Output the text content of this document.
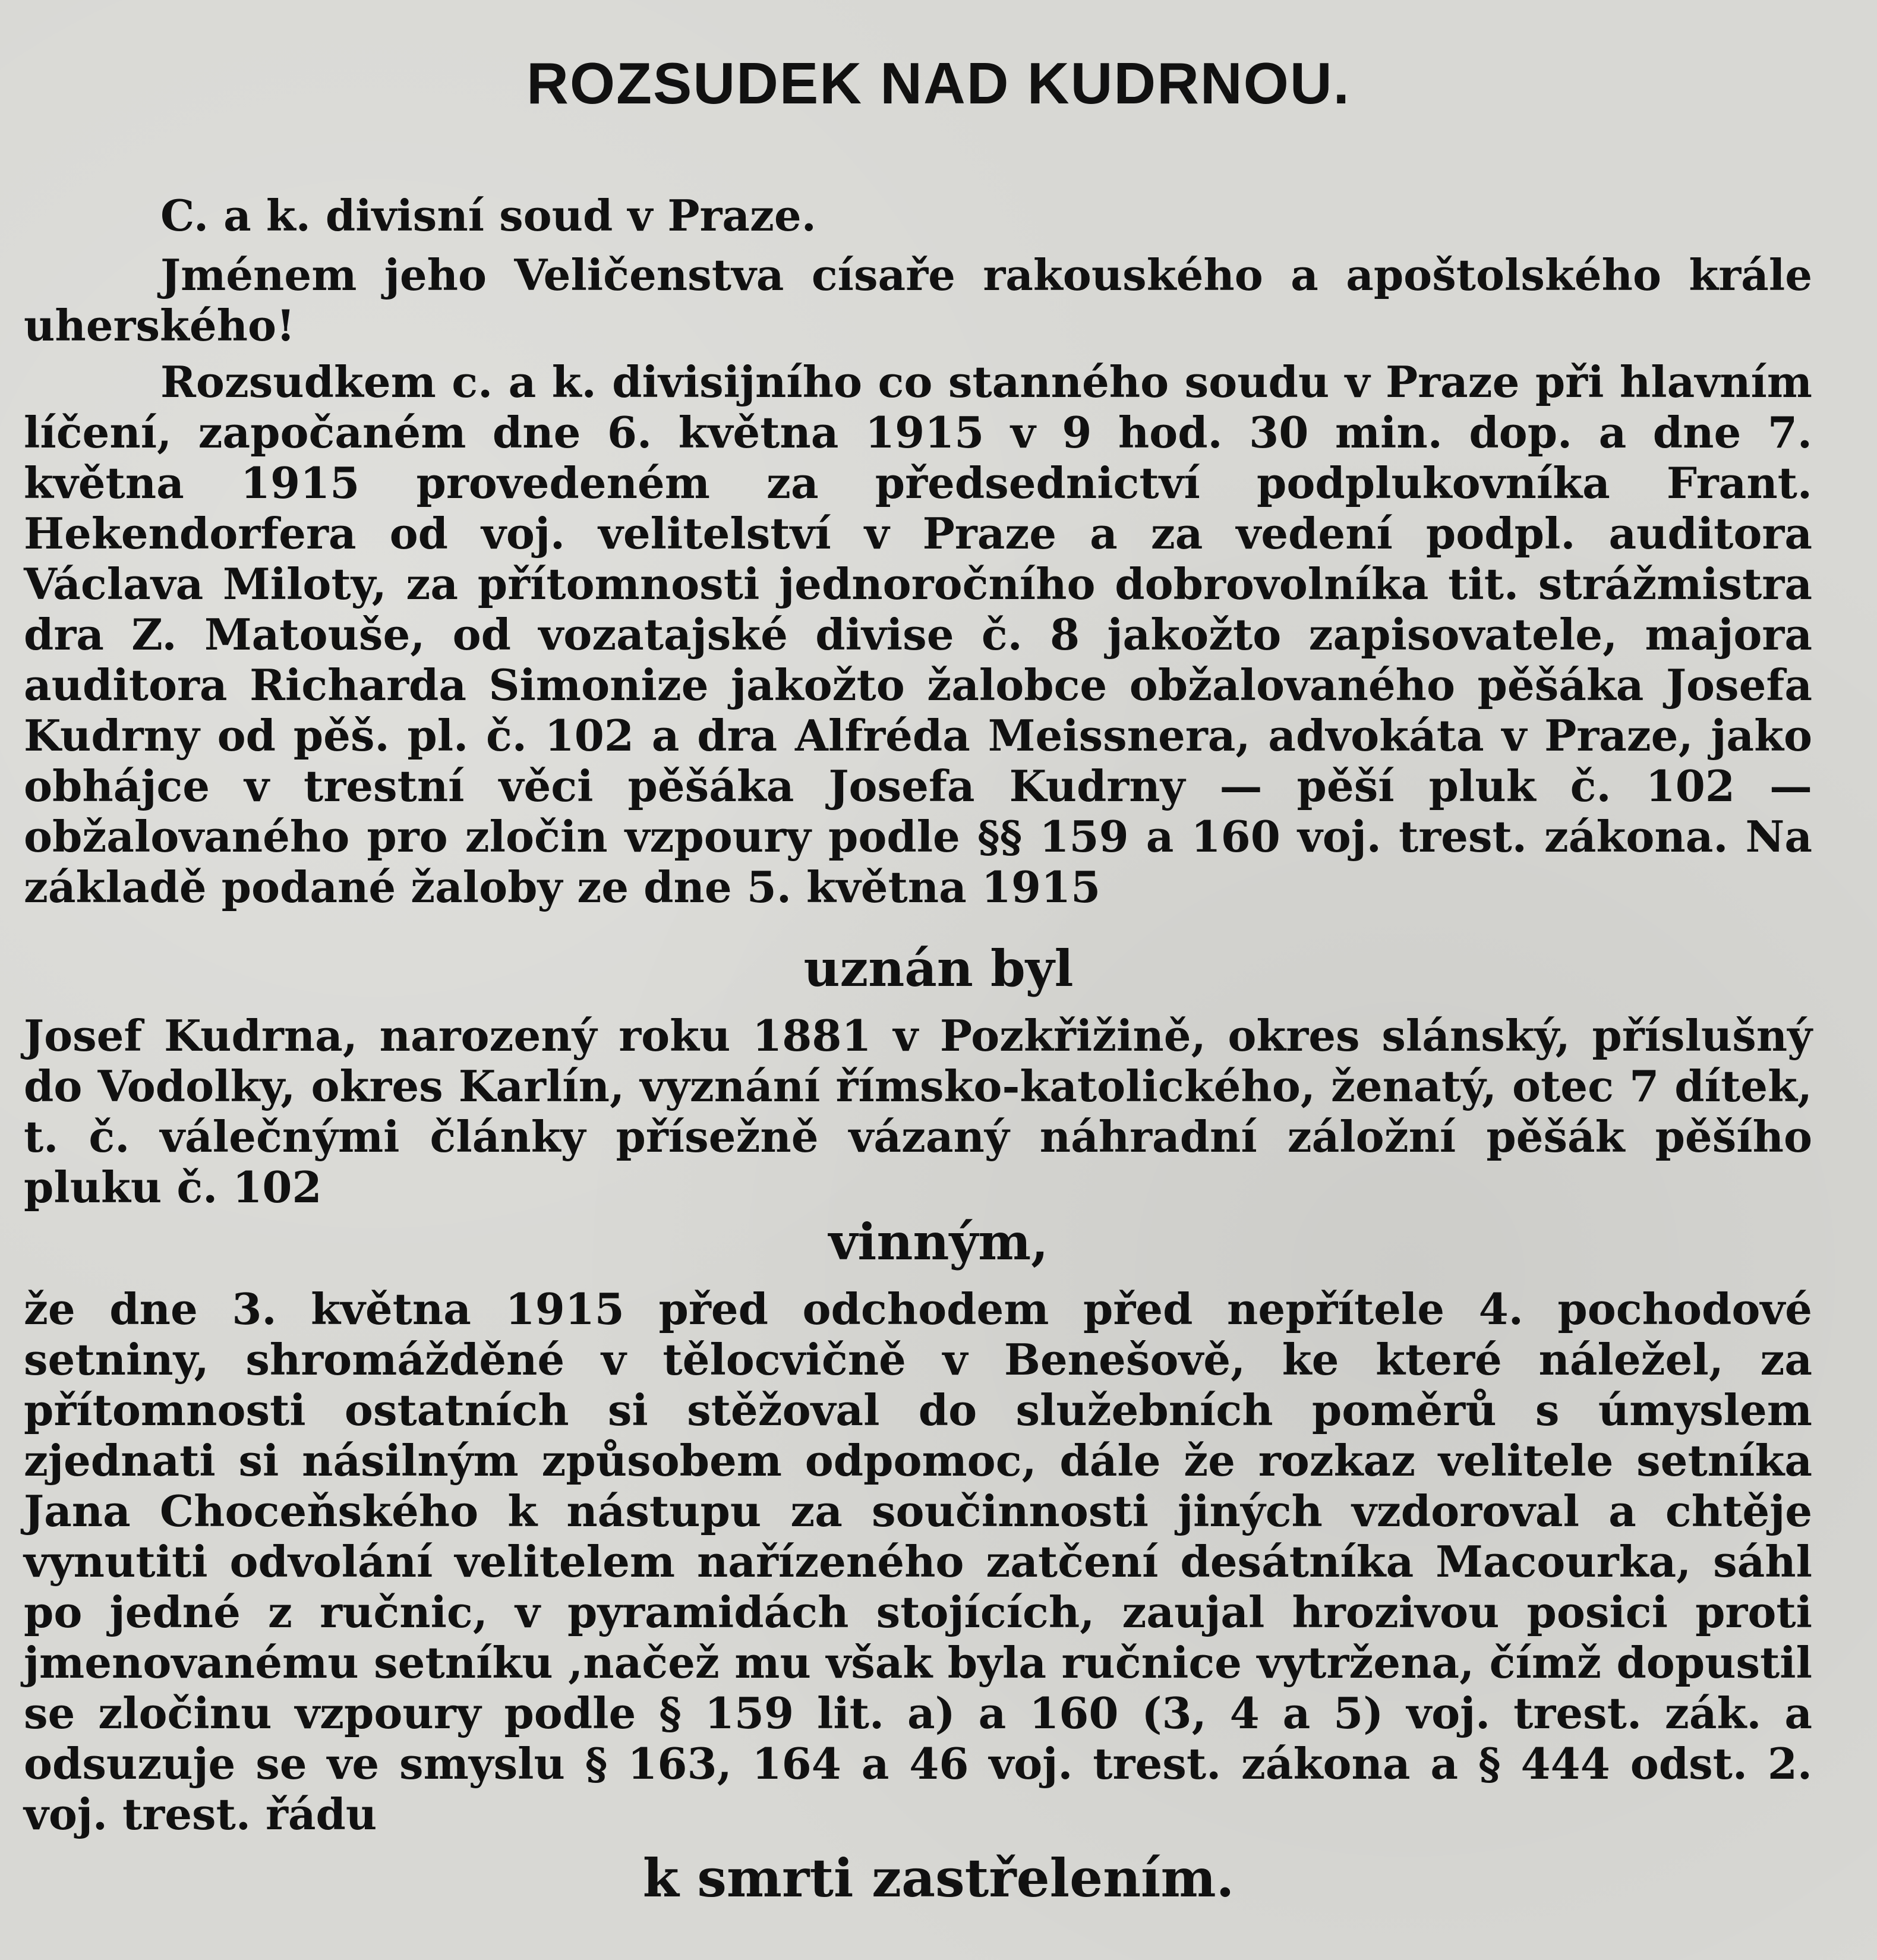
ROZSUDEK NAD KUDRNOU.

C. a k. divisní soud v Praze.

Jménem jeho Veličenstva císaře rakouského a apoštolského krále uherského!

Rozsudkem c. a k. divisijního co stanného soudu v Praze při hlavním líčení, započaném dne 6. května 1915 v 9 hod. 30 min. dop. a dne 7. května 1915 provedeném za předsednictví podplukovníka Frant. Hekendorfera od voj. velitelství v Praze a za vedení podpl. auditora Václava Miloty, za přítomnosti jednoročního dobrovolníka tit. strážmistra dra Z. Matouše, od vozatajské divise č. 8 jakožto zapisovatele, majora auditora Richarda Simonize jakožto žalobce obžalovaného pěšáka Josefa Kudrny od pěš. pl. č. 102 a dra Alfréda Meissnera, advokáta v Praze, jako obhájce v trestní věci pěšáka Josefa Kudrny — pěší pluk č. 102 — obžalovaného pro zločin vzpoury podle §§ 159 a 160 voj. trest. zákona. Na základě podané žaloby ze dne 5. května 1915

uznán byl

Josef Kudrna, narozený roku 1881 v Pozkřižině, okres slánský, příslušný do Vodolky, okres Karlín, vyznání římsko-katolického, ženatý, otec 7 dítek, t. č. válečnými články přísežně vázaný náhradní záložní pěšák pěšího pluku č. 102

vinným,

že dne 3. května 1915 před odchodem před nepřítele 4. pochodové setniny, shromážděné v tělocvičně v Benešově, ke které náležel, za přítomnosti ostatních si stěžoval do služebních poměrů s úmyslem zjednati si násilným způsobem odpomoc, dále že rozkaz velitele setníka Jana Choceňského k nástupu za součinnosti jiných vzdoroval a chtěje vynutiti odvolání velitelem nařízeného zatčení desátníka Macourka, sáhl po jedné z ručnic, v pyramidách stojících, zaujal hrozivou posici proti jmenovanému setníku ,načež mu však byla ručnice vytržena, čímž dopustil se zločinu vzpoury podle § 159 lit. a) a 160 (3, 4 a 5) voj. trest. zák. a odsuzuje se ve smyslu § 163, 164 a 46 voj. trest. zákona a § 444 odst. 2. voj. trest. řádu

k smrti zastřelením.
